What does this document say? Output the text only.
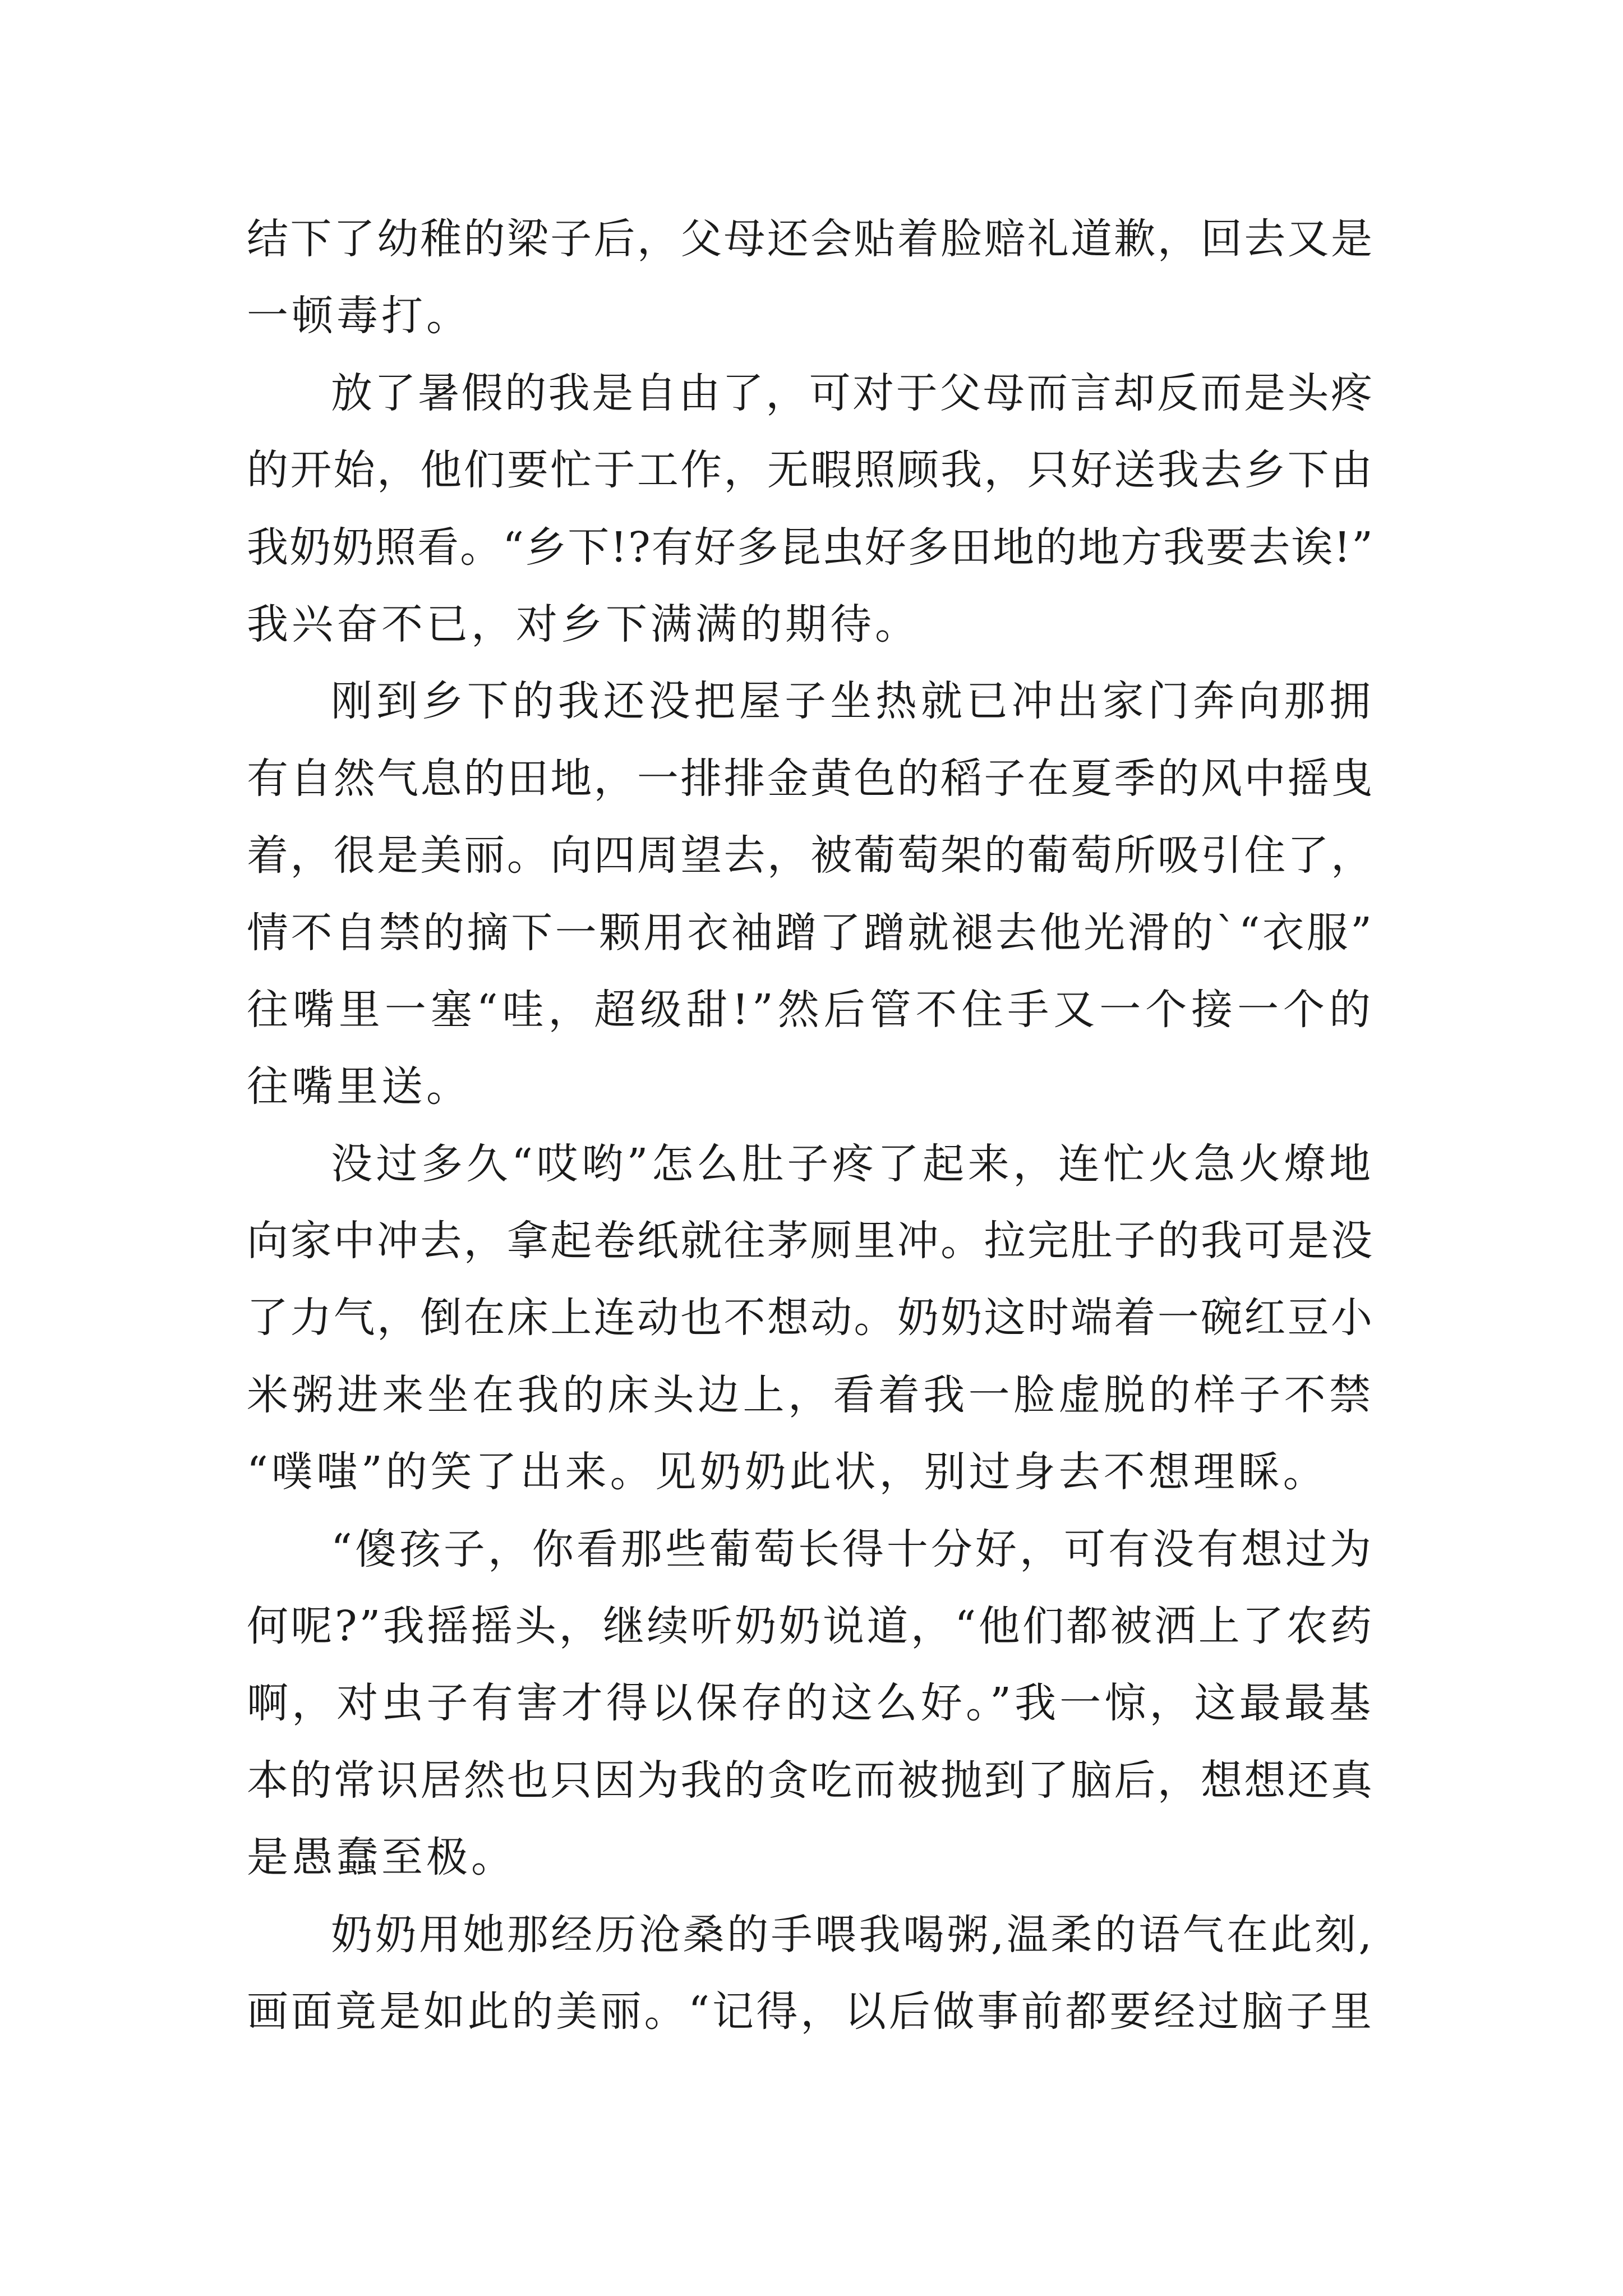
结下了幼稚的梁子后，父母还会贴着脸赔礼道歉，回去又是
一顿毒打。
放了暑假的我是自由了，可对于父母而言却反而是头疼
的开始，他们要忙于工作，无暇照顾我，只好送我去乡下由
我奶奶照看。“乡下!?有好多昆虫好多田地的地方我要去诶!”
我兴奋不已，对乡下满满的期待。
刚到乡下的我还没把屋子坐热就已冲出家门奔向那拥
有自然气息的田地，一排排金黄色的稻子在夏季的风中摇曳
着，很是美丽。向四周望去，被葡萄架的葡萄所吸引住了，
情不自禁的摘下一颗用衣袖蹭了蹭就褪去他光滑的`“衣服”
往嘴里一塞“哇，超级甜!”然后管不住手又一个接一个的
往嘴里送。
没过多久“哎哟”怎么肚子疼了起来，连忙火急火燎地
向家中冲去，拿起卷纸就往茅厕里冲。拉完肚子的我可是没
了力气，倒在床上连动也不想动。奶奶这时端着一碗红豆小
米粥进来坐在我的床头边上，看着我一脸虚脱的样子不禁
“噗嗤”的笑了出来。见奶奶此状，别过身去不想理睬。
“傻孩子，你看那些葡萄长得十分好，可有没有想过为
何呢?”我摇摇头，继续听奶奶说道，“他们都被洒上了农药
啊，对虫子有害才得以保存的这么好。”我一惊，这最最基
本的常识居然也只因为我的贪吃而被抛到了脑后，想想还真
是愚蠢至极。
奶奶用她那经历沧桑的手喂我喝粥,温柔的语气在此刻,
画面竟是如此的美丽。“记得，以后做事前都要经过脑子里
